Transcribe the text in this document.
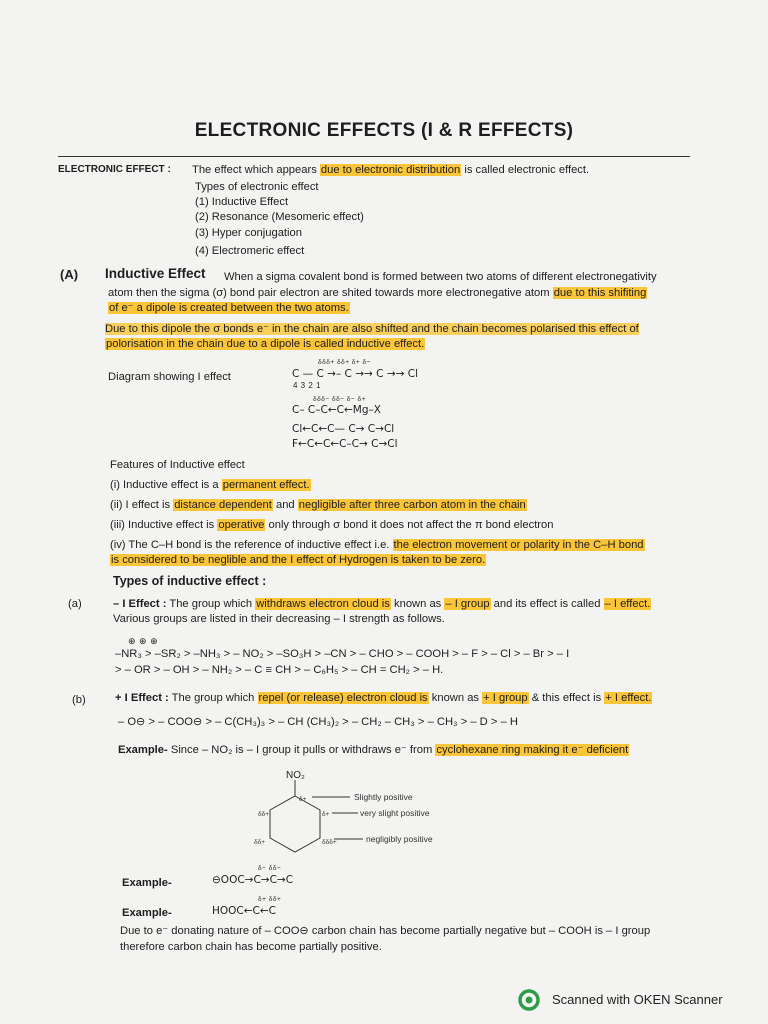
ELECTRONIC EFFECTS (I & R EFFECTS)
ELECTRONIC EFFECT : The effect which appears due to electronic distribution is called electronic effect.
Types of electronic effect
(1) Inductive Effect
(2) Resonance (Mesomeric effect)
(3) Hyper conjugation
(4) Electromeric effect
(A) Inductive Effect When a sigma covalent bond is formed between two atoms of different electronegativity
atom then the sigma (σ) bond pair electron are shited towards more electronegative atom due to this shifiting
of e⁻ a dipole is created between the two atoms.
Due to this dipole the σ bonds e⁻ in the chain are also shifted and the chain becomes polarised this effect of
polorisation in the chain due to a dipole is called inductive effect.
Diagram showing I effect
δδδ+ δδ+ δ+ δ−
C — C →– C →→ C →→ Cl
4 3 2 1
δδδ− δδ− δ− δ+
C– C–C←C←Mg–X
Cl←C←C— C→ C→Cl
F←C←C←C–C→ C→Cl
Features of Inductive effect
(i) Inductive effect is a permanent effect.
(ii) I effect is distance dependent and negligible after three carbon atom in the chain
(iii) Inductive effect is operative only through σ bond it does not affect the π bond electron
(iv) The C–H bond is the reference of inductive effect i.e. the electron movement or polarity in the C–H bond
is considered to be neglible and the I effect of Hydrogen is taken to be zero.
Types of inductive effect :
(a)	– I Effect : The group which withdraws electron cloud is known as – I group and its effect is called – I effect.
Various groups are listed in their decreasing – I strength as follows.
⊕ ⊕ ⊕
–NR₃ > –SR₂ > –NH₃ > – NO₂ > –SO₃H > –CN > – CHO > – COOH > – F > – Cl > – Br > – I
> – OR > – OH > – NH₂ > – C ≡ CH > – C₆H₅ > – CH = CH₂ > – H.
(b)	+ I Effect : The group which repel (or release) electron cloud is known as + I group & this effect is + I effect.
– O⊖ > – COO⊖ > – C(CH₃)₃ > – CH (CH₃)₂ > – CH₂ – CH₃ > – CH₃ > – D > – H
Example- Since – NO₂ is – I group it pulls or withdraws e⁻ from cyclohexane ring making it e⁻ deficient
NO₂
δ+
δ+
δδ+
δδ+	δδδ+
Slightly positive
very slight positive
negligibly positive
Example-
δ− δδ−
⊖OOC→C→C→C
Example-
δ+ δδ+
HOOC←C←C
Due to e⁻ donating nature of – COO⊖ carbon chain has become partially negative but – COOH is – I group
therefore carbon chain has become partially positive.
Scanned with OKEN Scanner
